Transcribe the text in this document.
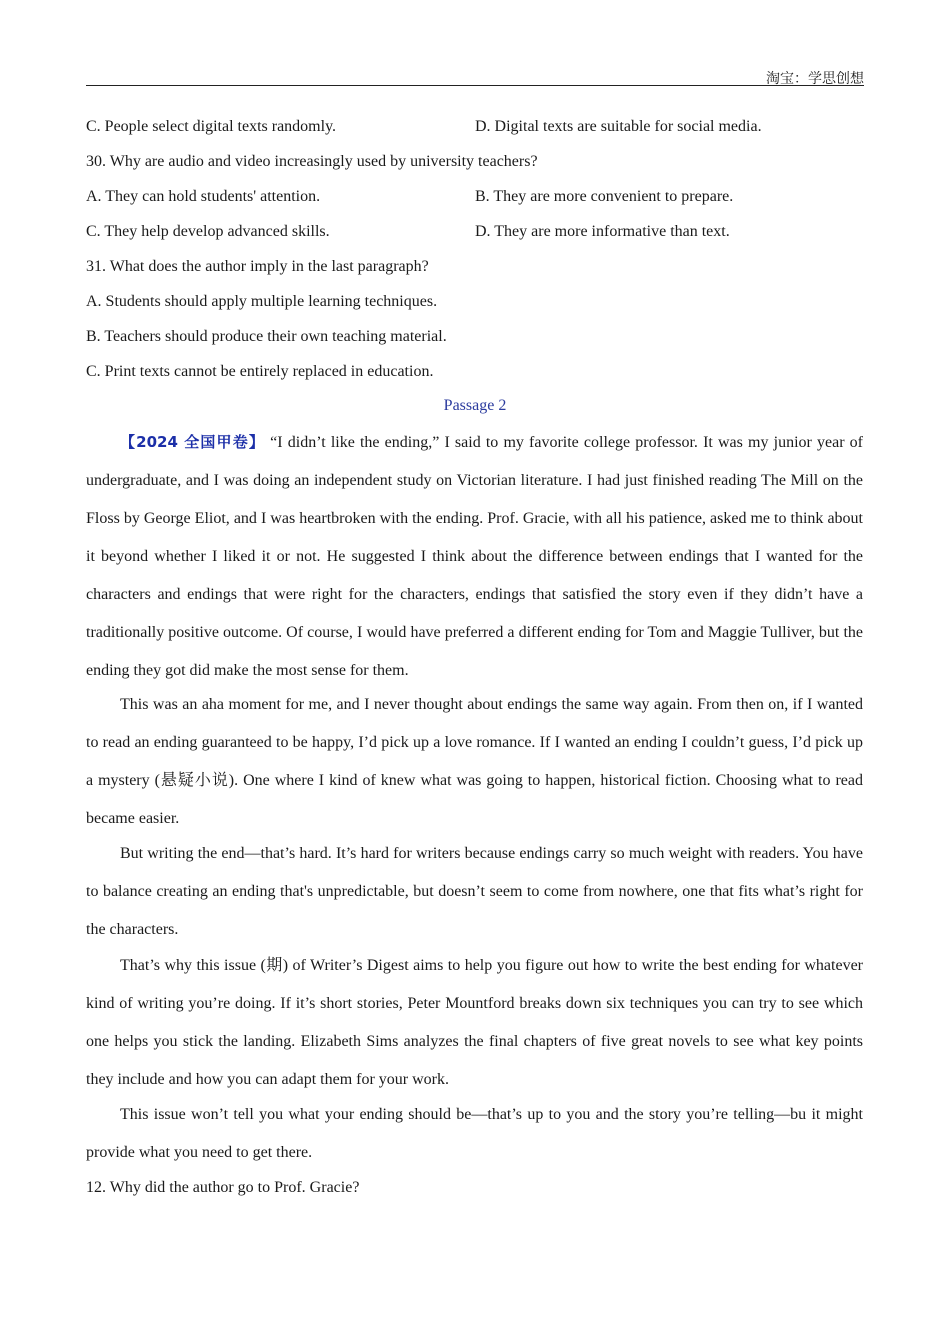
淘宝：学思创想
C. People select digital texts randomly.	D. Digital texts are suitable for social media.
30. Why are audio and video increasingly used by university teachers?
A. They can hold students' attention.	B. They are more convenient to prepare.
C. They help develop advanced skills.	D. They are more informative than text.
31. What does the author imply in the last paragraph?
A. Students should apply multiple learning techniques.
B. Teachers should produce their own teaching material.
C. Print texts cannot be entirely replaced in education.
Passage 2

【2024 全国甲卷】 “I didn’t like the ending,” I said to my favorite college professor. It was my junior year of undergraduate, and I was doing an independent study on Victorian literature. I had just finished reading The Mill on the Floss by George Eliot, and I was heartbroken with the ending. Prof. Gracie, with all his patience, asked me to think about it beyond whether I liked it or not. He suggested I think about the difference between endings that I wanted for the characters and endings that were right for the characters, endings that satisfied the story even if they didn’t have a traditionally positive outcome. Of course, I would have preferred a different ending for Tom and Maggie Tulliver, but the ending they got did make the most sense for them.

This was an aha moment for me, and I never thought about endings the same way again. From then on, if I wanted to read an ending guaranteed to be happy, I’d pick up a love romance. If I wanted an ending I couldn’t guess, I’d pick up a mystery (悬疑小说). One where I kind of knew what was going to happen, historical fiction. Choosing what to read became easier.

But writing the end—that’s hard. It’s hard for writers because endings carry so much weight with readers. You have to balance creating an ending that's unpredictable, but doesn’t seem to come from nowhere, one that fits what’s right for the characters.

That’s why this issue (期) of Writer’s Digest aims to help you figure out how to write the best ending for whatever kind of writing you’re doing. If it’s short stories, Peter Mountford breaks down six techniques you can try to see which one helps you stick the landing. Elizabeth Sims analyzes the final chapters of five great novels to see what key points they include and how you can adapt them for your work.

This issue won’t tell you what your ending should be—that’s up to you and the story you’re telling—bu it might provide what you need to get there.

12. Why did the author go to Prof. Gracie?
